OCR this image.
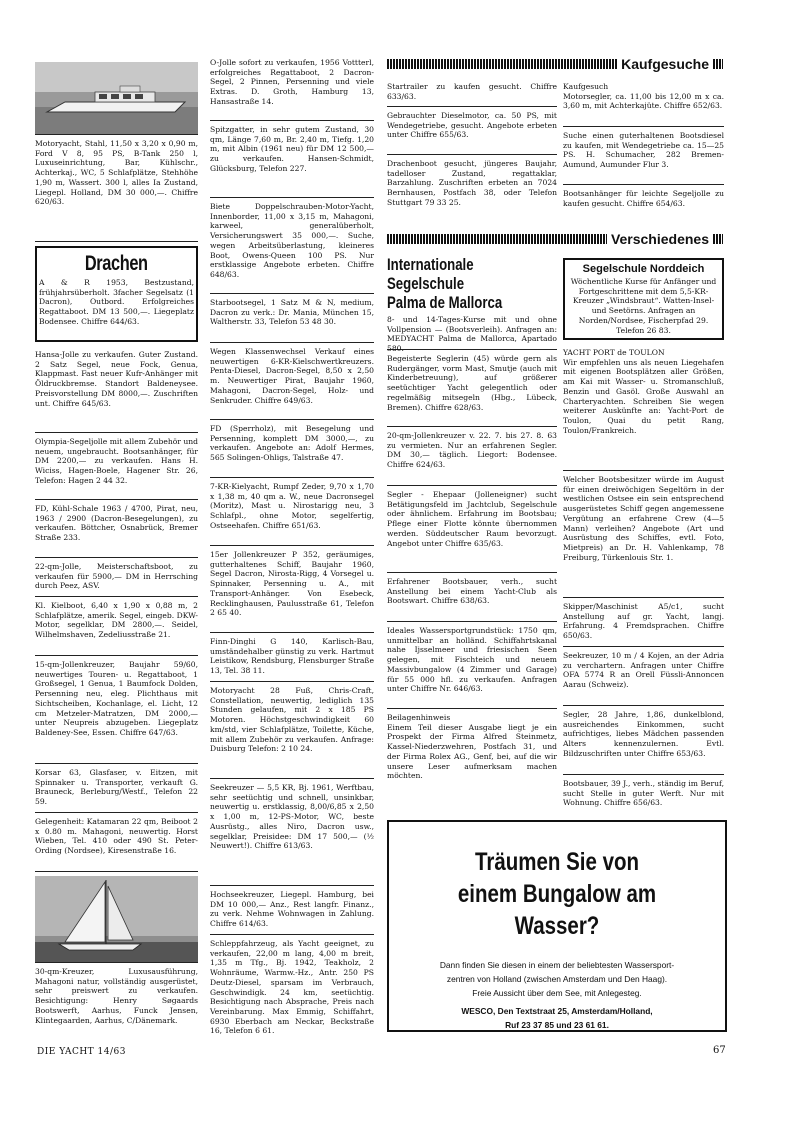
Motoryacht, Stahl, 11,50 x 3,20 x 0,90 m, Ford V 8, 95 PS, B-Tank 250 l, Luxuseinrichtung, Bar, Kühlschr., Achterkaj., WC, 5 Schlafplätze, Stehhöhe 1,90 m, Wassert. 300 l, alles Ia Zustand, Liegepl. Holland, DM 30 000,—. Chiffre 620/63.

Drachen
A & R 1953, Bestzustand, frühjahrsüberholt. 3facher Segelsatz (1 Dacron), Outbord. Erfolgreiches Regattaboot. DM 13 500,—. Liegeplatz Bodensee. Chiffre 644/63.

Hansa-Jolle zu verkaufen. Guter Zustand. 2 Satz Segel, neue Fock, Genua, Klappmast. Fast neuer Kufr-Anhänger mit Öldruckbremse. Standort Baldeneysee. Preisvorstellung DM 8000,—. Zuschriften unt. Chiffre 645/63.

Olympia-Segeljolle mit allem Zubehör und neuem, ungebraucht. Bootsanhänger, für DM 2200,— zu verkaufen. Hans H. Wiciss, Hagen-Boele, Hagener Str. 26, Telefon: Hagen 2 44 32.

FD, Kühl-Schale 1963 / 4700, Pirat, neu, 1963 / 2900 (Dacron-Besegelungen), zu verkaufen. Böttcher, Osnabrück, Bremer Straße 233.

22-qm-Jolle, Meisterschaftsboot, zu verkaufen für 5900,— DM in Herrsching durch Peez, ASV.

Kl. Kielboot, 6,40 x 1,90 x 0,88 m, 2 Schlafplätze, amerik. Segel, eingeb. DKW-Motor, segelklar, DM 2800,—. Seidel, Wilhelmshaven, Zedeliusstraße 21.

15-qm-Jollenkreuzer, Baujahr 59/60, neuwertiges Touren- u. Regattaboot, 1 Großsegel, 1 Genua, 1 Baumfock Dolden, Persenning neu, eleg. Plichthaus mit Sichtscheiben, Kochanlage, el. Licht, 12 cm Metzeler-Matratzen, DM 2000,— unter Neupreis abzugeben. Liegeplatz Baldeney-See, Essen. Chiffre 647/63.

Korsar 63, Glasfaser, v. Eitzen, mit Spinnaker u. Transporter, verkauft G. Brauneck, Berleburg/Westf., Telefon 22 59.

Gelegenheit: Katamaran 22 qm, Beiboot 2 x 0.80 m. Mahagoni, neuwertig. Horst Wieben, Tel. 410 oder 490 St. Peter-Ording (Nordsee), Kiresenstraße 16.

30-qm-Kreuzer, Luxusausführung, Mahagoni natur, vollständig ausgerüstet, sehr preiswert zu verkaufen. Besichtigung: Henry Søgaards Bootswerft, Aarhus, Funck Jensen, Klintegaarden, Aarhus, C/Dänemark.

O-Jolle sofort zu verkaufen, 1956 Vottterl, erfolgreiches Regattaboot, 2 Dacron-Segel, 2 Pinnen, Persenning und viele Extras. D. Groth, Hamburg 13, Hansastraße 14.

Spitzgatter, in sehr gutem Zustand, 30 qm, Länge 7,60 m, Br. 2,40 m, Tiefg. 1,20 m, mit Albin (1961 neu) für DM 12 500,— zu verkaufen. Hansen-Schmidt, Glücksburg, Telefon 227.

Biete Doppelschrauben-Motor-Yacht, Innenborder, 11,00 x 3,15 m, Mahagoni, karweel, generalüberholt, Versicherungswert 35 000,—. Suche, wegen Arbeitsüberlastung, kleineres Boot, Owens-Queen 100 PS. Nur erstklassige Angebote erbeten. Chiffre 648/63.

Starbootsegel, 1 Satz M & N, medium, Dacron zu verk.: Dr. Mania, München 15, Waltherstr. 33, Telefon 53 48 30.

Wegen Klassenwechsel Verkauf eines neuwertigen 6-KR-Kielschwertkreuzers. Penta-Diesel, Dacron-Segel, 8,50 x 2,50 m. Neuwertiger Pirat, Baujahr 1960, Mahagoni, Dacron-Segel, Holz- und Senkruder. Chiffre 649/63.

FD (Sperrholz), mit Besegelung und Persenning, komplett DM 3000,—, zu verkaufen. Angebote an: Adolf Hermes, 565 Solingen-Ohligs, Talstraße 47.

7-KR-Kielyacht, Rumpf Zeder, 9,70 x 1,70 x 1,38 m, 40 qm a. W., neue Dacronsegel (Moritz), Mast u. Nirostarigg neu, 3 Schlafpl., ohne Motor, segelfertig, Ostseehafen. Chiffre 651/63.

15er Jollenkreuzer P 352, geräumiges, gutterhaltenes Schiff, Baujahr 1960, Segel Dacron, Nirosta-Rigg, 4 Vorsegel u. Spinnaker, Persenning u. A., mit Transport-Anhänger. Von Esebeck, Recklinghausen, Paulusstraße 61, Telefon 2 65 40.

Finn-Dinghi G 140, Karlisch-Bau, umständehalber günstig zu verk. Hartmut Leistikow, Rendsburg, Flensburger Straße 13, Tel. 38 11.

Motoryacht 28 Fuß, Chris-Craft, Constellation, neuwertig, lediglich 135 Stunden gelaufen, mit 2 x 185 PS Motoren. Höchstgeschwindigkeit 60 km/std, vier Schlafplätze, Toilette, Küche, mit allem Zubehör zu verkaufen. Anfrage: Duisburg Telefon: 2 10 24.

Seekreuzer — 5,5 KR, Bj. 1961, Werftbau, sehr seetüchtig und schnell, unsinkbar, neuwertig u. erstklassig, 8,00/6,85 x 2,50 x 1,00 m, 12-PS-Motor, WC, beste Ausrüstg., alles Niro, Dacron usw., segelklar, Preisidee: DM 17 500,— (½ Neuwert!). Chiffre 613/63.

Hochseekreuzer, Liegepl. Hamburg, bei DM 10 000,— Anz., Rest langfr. Finanz., zu verk. Nehme Wohnwagen in Zahlung. Chiffre 614/63.

Schleppfahrzeug, als Yacht geeignet, zu verkaufen, 22,00 m lang, 4,00 m breit, 1,35 m Tfg., Bj. 1942, Teakholz, 2 Wohnräume, Warmw.-Hz., Antr. 250 PS Deutz-Diesel, sparsam im Verbrauch, Geschwindigk. 24 km, seetüchtig. Besichtigung nach Absprache, Preis nach Vereinbarung. Max Emmig, Schiffahrt, 6930 Eberbach am Neckar, Beckstraße 16, Telefon 6 61.

Kaufgesuche
Verschiedenes

Startrailer zu kaufen gesucht. Chiffre 633/63.

Gebrauchter Dieselmotor, ca. 50 PS, mit Wendegetriebe, gesucht. Angebote erbeten unter Chiffre 655/63.

Drachenboot gesucht, jüngeres Baujahr, tadelloser Zustand, regattaklar, Barzahlung. Zuschriften erbeten an 7024 Bernhausen, Postfach 38, oder Telefon Stuttgart 79 33 25.

Internationale
Segelschule
Palma de Mallorca

8- und 14-Tages-Kurse mit und ohne Vollpension — (Bootsverleih). Anfragen an: MEDYACHT Palma de Mallorca, Apartado 580.

Begeisterte Seglerin (45) würde gern als Rudergänger, vorm Mast, Smutje (auch mit Kinderbetreuung), auf größerer seetüchtiger Yacht gelegentlich oder regelmäßig mitsegeln (Hbg., Lübeck, Bremen). Chiffre 628/63.

20-qm-Jollenkreuzer v. 22. 7. bis 27. 8. 63 zu vermieten. Nur an erfahrenen Segler. DM 30,— täglich. Liegort: Bodensee. Chiffre 624/63.

Segler - Ehepaar (Jolleneigner) sucht Betätigungsfeld im Jachtclub, Segelschule oder ähnlichem. Erfahrung im Bootsbau; Pflege einer Flotte könnte übernommen werden. Süddeutscher Raum bevorzugt. Angebot unter Chiffre 635/63.

Erfahrener Bootsbauer, verh., sucht Anstellung bei einem Yacht-Club als Bootswart. Chiffre 638/63.

Ideales Wassersportgrundstück: 1750 qm, unmittelbar an holländ. Schiffahrtskanal nahe Ijsselmeer und friesischen Seen gelegen, mit Fischteich und neuem Massivbungalow (4 Zimmer und Garage) für 55 000 hfl. zu verkaufen. Anfragen unter Chiffre Nr. 646/63.

Beilagenhinweis
Einem Teil dieser Ausgabe liegt je ein Prospekt der Firma Alfred Steinmetz, Kassel-Niederzwehren, Postfach 31, und der Firma Rolex AG., Genf, bei, auf die wir unsere Leser aufmerksam machen möchten.

Kaufgesuch
Motorsegler, ca. 11,00 bis 12,00 m x ca. 3,60 m, mit Achterkajüte. Chiffre 652/63.

Suche einen guterhaltenen Bootsdiesel zu kaufen, mit Wendegetriebe ca. 15—25 PS. H. Schumacher, 282 Bremen-Aumund, Aumunder Flur 3.

Bootsanhänger für leichte Segeljolle zu kaufen gesucht. Chiffre 654/63.

Segelschule Norddeich
Wöchentliche Kurse für Anfänger und Fortgeschrittene mit dem 5,5-KR-Kreuzer „Windsbraut“. Watten-Insel- und Seetörns. Anfragen an Norden/Nordsee, Fischerpfad 29. Telefon 26 83.

YACHT PORT de TOULON
Wir empfehlen uns als neuen Liegehafen mit eigenen Bootsplätzen aller Größen, am Kai mit Wasser- u. Stromanschluß, Benzin und Gasöl. Große Auswahl an Charteryachten. Schreiben Sie wegen weiterer Auskünfte an: Yacht-Port de Toulon, Quai du petit Rang, Toulon/Frankreich.

Welcher Bootsbesitzer würde im August für einen dreiwöchigen Segeltörn in der westlichen Ostsee ein sein entsprechend ausgerüstetes Schiff gegen angemessene Vergütung an erfahrene Crew (4—5 Mann) verleihen? Angebote (Art und Ausrüstung des Schiffes, evtl. Foto, Mietpreis) an Dr. H. Vahlenkamp, 78 Freiburg, Türkenlouis Str. 1.

Skipper/Maschinist A5/c1, sucht Anstellung auf gr. Yacht, langj. Erfahrung. 4 Fremdsprachen. Chiffre 650/63.

Seekreuzer, 10 m / 4 Kojen, an der Adria zu verchartern. Anfragen unter Chiffre OFA 5774 R an Orell Füssli-Annoncen Aarau (Schweiz).

Segler, 28 Jahre, 1,86, dunkelblond, ausreichendes Einkommen, sucht aufrichtiges, liebes Mädchen passenden Alters kennenzulernen. Evtl. Bildzuschriften unter Chiffre 653/63.

Bootsbauer, 39 J., verh., ständig im Beruf, sucht Stelle in guter Werft. Nur mit Wohnung. Chiffre 656/63.

Träumen Sie von
einem Bungalow am Wasser?
Dann finden Sie diesen in einem der beliebtesten Wassersport-
zentren von Holland (zwischen Amsterdam und Den Haag).
Freie Aussicht über dem See, mit Anlegesteg.
WESCO, Den Textstraat 25, Amsterdam/Holland,
Ruf 23 37 85 und 23 61 61.
DIE YACHT 14/63	67
